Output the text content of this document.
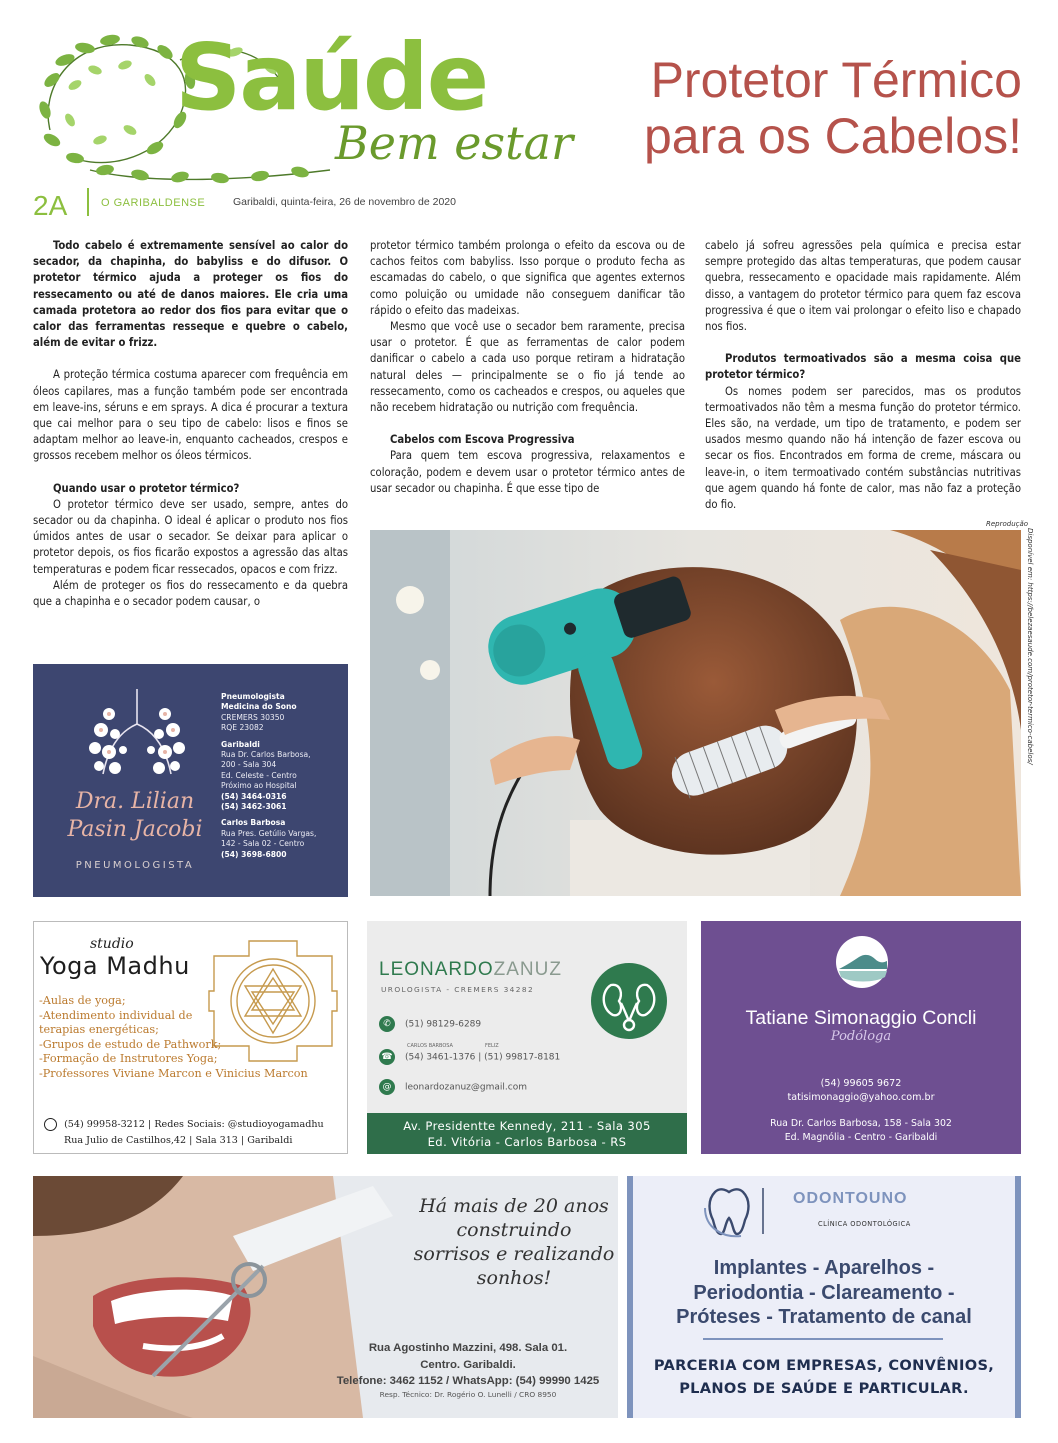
Saúde
Bem estar
Protetor Térmico
para os Cabelos!
2A	O GARIBALDENSE	Garibaldi, quinta-feira, 26 de novembro de 2020

Todo cabelo é extremamente sensível ao calor do secador, da chapinha, do babyliss e do difusor. O protetor térmico ajuda a proteger os fios do ressecamento ou até de danos maiores. Ele cria uma camada protetora ao redor dos fios para evitar que o calor das ferramentas resseque e quebre o cabelo, além de evitar o frizz.

A proteção térmica costuma aparecer com frequência em óleos capilares, mas a função também pode ser encontrada em leave-ins, séruns e em sprays. A dica é procurar a textura que cai melhor para o seu tipo de cabelo: lisos e finos se adaptam melhor ao leave-in, enquanto cacheados, crespos e grossos recebem melhor os óleos térmicos.

Quando usar o protetor térmico?

O protetor térmico deve ser usado, sempre, antes do secador ou da chapinha. O ideal é aplicar o produto nos fios úmidos antes de usar o secador. Se deixar para aplicar o protetor depois, os fios ficarão expostos a agressão das altas temperaturas e podem ficar ressecados, opacos e com frizz.

Além de proteger os fios do ressecamento e da quebra que a chapinha e o secador podem causar, o

protetor térmico também prolonga o efeito da escova ou de cachos feitos com babyliss. Isso porque o produto fecha as escamadas do cabelo, o que significa que agentes externos como poluição ou umidade não conseguem danificar tão rápido o efeito das madeixas.

Mesmo que você use o secador bem raramente, precisa usar o protetor. É que as ferramentas de calor podem danificar o cabelo a cada uso porque retiram a hidratação natural deles — principalmente se o fio já tende ao ressecamento, como os cacheados e crespos, ou aqueles que não recebem hidratação ou nutrição com frequência.

Cabelos com Escova Progressiva

Para quem tem escova progressiva, relaxamentos e coloração, podem e devem usar o protetor térmico antes de usar secador ou chapinha. É que esse tipo de

cabelo já sofreu agressões pela química e precisa estar sempre protegido das altas temperaturas, que podem causar quebra, ressecamento e opacidade mais rapidamente. Além disso, a vantagem do protetor térmico para quem faz escova progressiva é que o item vai prolongar o efeito liso e chapado nos fios.

Produtos termoativados são a mesma coisa que protetor térmico?

Os nomes podem ser parecidos, mas os produtos termoativados não têm a mesma função do protetor térmico. Eles são, na verdade, um tipo de tratamento, e podem ser usados mesmo quando não há intenção de fazer escova ou secar os fios. Encontrados em forma de creme, máscara ou leave-in, o item termoativado contém substâncias nutritivas que agem quando há fonte de calor, mas não faz a proteção do fio.

Reprodução
Disponível em: https://belezaesaude.com/protetor-termico-cabelos/
Dra. Lilian
Pasin Jacobi
PNEUMOLOGISTA
Pneumologista
Medicina do Sono
CREMERS 30350
RQE 23082
Garibaldi
Rua Dr. Carlos Barbosa,
200 - Sala 304
Ed. Celeste - Centro
Próximo ao Hospital
(54) 3464-0316
(54) 3462-3061
Carlos Barbosa
Rua Pres. Getúlio Vargas,
142 - Sala 02 - Centro
(54) 3698-6800
studio
Yoga Madhu
-Aulas de yoga;
-Atendimento individual de terapias energéticas;
-Grupos de estudo de Pathwork;
-Formação de Instrutores Yoga;
-Professores Viviane Marcon e Vinicius Marcon
(54) 99958-3212 | Redes Sociais: @studioyogamadhu
Rua Julio de Castilhos,42 | Sala 313 | Garibaldi
LEONARDOZANUZ
UROLOGISTA - CREMERS 34282
✆ (51) 98129-6289
CARLOS BARBOSA	FELIZ
☎ (54) 3461-1376 | (51) 99817-8181
@ leonardozanuz@gmail.com
Av. Presidentte Kennedy, 211 - Sala 305
Ed. Vitória - Carlos Barbosa - RS
Tatiane Simonaggio Concli
Podóloga
(54) 99605 9672
tatisimonaggio@yahoo.com.br
Rua Dr. Carlos Barbosa, 158 - Sala 302
Ed. Magnólia - Centro - Garibaldi
Há mais de 20 anos
construindo
sorrisos e realizando
sonhos!
Rua Agostinho Mazzini, 498. Sala 01.
Centro. Garibaldi.
Telefone: 3462 1152 / WhatsApp: (54) 99990 1425
Resp. Técnico: Dr. Rogério O. Lunelli / CRO 8950
ODONTOUNO
CLÍNICA ODONTOLÓGICA
Implantes - Aparelhos -
Periodontia - Clareamento -
Próteses - Tratamento de canal
PARCERIA COM EMPRESAS, CONVÊNIOS,
PLANOS DE SAÚDE E PARTICULAR.
